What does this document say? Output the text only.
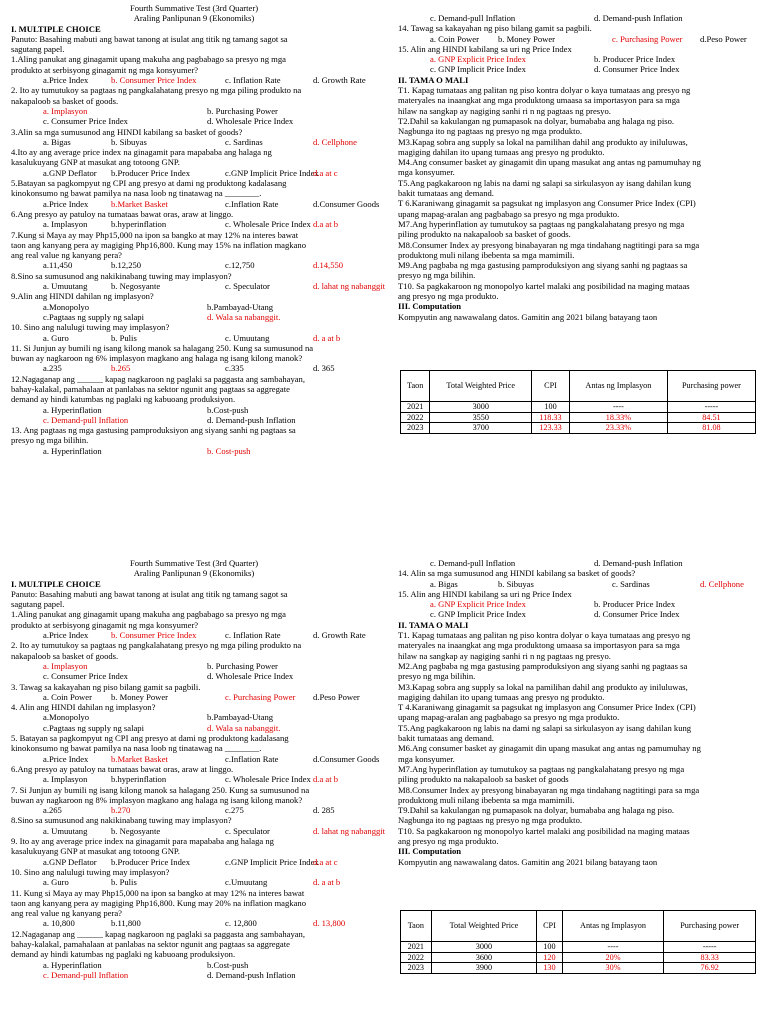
Fourth Summative Test (3rd Quarter)
Araling Panlipunan 9 (Ekonomiks)
I. MULTIPLE CHOICE
Panuto: Basahing mabuti ang bawat tanong at isulat ang titik ng tamang sagot sa
sagutang papel.
1.Aling panukat ang ginagamit upang makuha ang pagbabago sa presyo ng mga
produkto at serbisyong ginagamit ng mga konsyumer?
a.Price Index	b. Consumer Price Index	c. Inflation Rate	d. Growth Rate
2. Ito ay tumutukoy sa pagtaas ng pangkalahatang presyo ng mga piling produkto na
nakapaloob sa basket of goods.
a. Implasyon	b. Purchasing Power
c. Consumer Price Index	d. Wholesale Price Index
3.Alin sa mga sumusunod ang HINDI kabilang sa basket of goods?
a. Bigas	b. Sibuyas	c. Sardinas	d. Cellphone
4.Ito ay ang average price index na ginagamit para mapababa ang halaga ng
kasalukuyang GNP at masukat ang totoong GNP.
a.GNP Deflator b.Producer Price Index	c.GNP Implicit Price Index
d.a at c
5.Batayan sa pagkompyut ng CPI ang presyo at dami ng produktong kadalasang
kinokonsumo ng bawat pamilya na nasa loob ng tinatawag na ________.
a.Price Index	b.Market Basket	c.Inflation Rate	d.Consumer Goods
6.Ang presyo ay patuloy na tumataas bawat oras, araw at linggo.
a. Implasyon	b.hyperinflation	c. Wholesale Price Index d.a at b
7.Kung si Maya ay may Php15,000 na ipon sa bangko at may 12% na interes bawat
taon ang kanyang pera ay magiging Php16,800. Kung may 15% na inflation magkano
ang real value ng kanyang pera?
a.11,450	b.12,250	c.12,750	d.14,550
8.Sino sa sumusunod ang nakikinabang tuwing may implasyon?
a. Umuutang	b. Negosyante	c. Speculator	d. lahat ng nabanggit
9.Alin ang HINDI dahilan ng implasyon?
a.Monopolyo	b.Pambayad-Utang
c.Pagtaas ng supply ng salapi	d. Wala sa nabanggit.
10. Sino ang nalulugi tuwing may implasyon?
a. Guro	b. Pulis	c. Umuutang	d. a at b
11. Si Junjun ay bumili ng isang kilong manok sa halagang 250. Kung sa sumusunod na
buwan ay nagkaroon ng 6% implasyon magkano ang halaga ng isang kilong manok?
a.235	b.265	c.335	d. 365
12.Nagaganap ang ______ kapag nagkaroon ng paglaki sa paggasta ang sambahayan,
bahay-kalakal, pamahalaan at panlabas na sektor ngunit ang pagtaas sa aggregate
demand ay hindi katumbas ng paglaki ng kabuoang produksiyon.
a. Hyperinflation	b.Cost-push
c. Demand-pull Inflation	d. Demand-push Inflation
13. Ang pagtaas ng mga gastusing pamproduksiyon ang siyang sanhi ng pagtaas sa
presyo ng mga bilihin.
a. Hyperinflation	b. Cost-push
c. Demand-pull Inflation	d. Demand-push Inflation
14. Tawag sa kakayahan ng piso bilang gamit sa pagbili.
a. Coin Power b. Money Power	c. Purchasing Power d.Peso Power
15. Alin ang HINDI kabilang sa uri ng Price Index
a. GNP Explicit Price Index	b. Producer Price Index
c. GNP Implicit Price Index	d. Consumer Price Index
II. TAMA O MALI
T1. Kapag tumataas ang palitan ng piso kontra dolyar o kaya tumataas ang presyo ng
materyales na inaangkat ang mga produktong umaasa sa importasyon para sa mga
hilaw na sangkap ay nagiging sanhi ri n ng pagtaas ng presyo.
T2.Dahil sa kakulangan ng pumapasok na dolyar, bumababa ang halaga ng piso.
Nagbunga ito ng pagtaas ng presyo ng mga produkto.
M3.Kapag sobra ang supply sa lokal na pamilihan dahil ang produkto ay iniluluwas,
magiging dahilan ito upang tumaas ang presyo ng produkto.
M4.Ang consumer basket ay ginagamit din upang masukat ang antas ng pamumuhay ng
mga konsyumer.
T5.Ang pagkakaroon ng labis na dami ng salapi sa sirkulasyon ay isang dahilan kung
bakit tumataas ang demand.
T 6.Karaniwang ginagamit sa pagsukat ng implasyon ang Consumer Price Index (CPI)
upang mapag-aralan ang pagbabago sa presyo ng mga produkto.
M7.Ang hyperinflation ay tumutukoy sa pagtaas ng pangkalahatang presyo ng mga
piling produkto na nakapaloob sa basket of goods.
M8.Consumer Index ay presyong binabayaran ng mga tindahang nagtitingi para sa mga
produktong muli nilang ibebenta sa mga mamimili.
M9.Ang pagbaba ng mga gastusing pamproduksiyon ang siyang sanhi ng pagtaas sa
presyo ng mga bilihin.
T10. Sa pagkakaroon ng monopolyo kartel malaki ang posibilidad na maging mataas
ang presyo ng mga produkto.
III. Computation
Kompyutin ang nawawalang datos. Gamitin ang 2021 bilang batayang taon
Taon	Total Weighted Price	CPI	Antas ng Implasyon	Purchasing power
2021	3000	100	----	-----
2022	3550	118.33	18.33%	84.51
2023	3700	123.33	23.33%	81.08
Fourth Summative Test (3rd Quarter)
Araling Panlipunan 9 (Ekonomiks)
I. MULTIPLE CHOICE
Panuto: Basahing mabuti ang bawat tanong at isulat ang titik ng tamang sagot sa
sagutang papel.
1.Aling panukat ang ginagamit upang makuha ang pagbabago sa presyo ng mga
produkto at serbisyong ginagamit ng mga konsyumer?
a.Price Index	b. Consumer Price Index	c. Inflation Rate	d. Growth Rate
2. Ito ay tumutukoy sa pagtaas ng pangkalahatang presyo ng mga piling produkto na
nakapaloob sa basket of goods.
a. Implasyon	b. Purchasing Power
c. Consumer Price Index	d. Wholesale Price Index
3. Tawag sa kakayahan ng piso bilang gamit sa pagbili.
a. Coin Power b. Money Power	c. Purchasing Power d.Peso Power
4. Alin ang HINDI dahilan ng implasyon?
a.Monopolyo	b.Pambayad-Utang
c.Pagtaas ng supply ng salapi	d. Wala sa nabanggit.
5. Batayan sa pagkompyut ng CPI ang presyo at dami ng produktong kadalasang
kinokonsumo ng bawat pamilya na nasa loob ng tinatawag na ________.
a.Price Index	b.Market Basket	c.Inflation Rate	d.Consumer Goods
6.Ang presyo ay patuloy na tumataas bawat oras, araw at linggo.
a. Implasyon	b.hyperinflation	c. Wholesale Price Index d.a at b
7. Si Junjun ay bumili ng isang kilong manok sa halagang 250. Kung sa sumusunod na
buwan ay nagkaroon ng 8% implasyon magkano ang halaga ng isang kilong manok?
a.265	b.270	c.275	d. 285
8.Sino sa sumusunod ang nakikinabang tuwing may implasyon?
a. Umuutang	b. Negosyante	c. Speculator	d. lahat ng nabanggit
9. Ito ay ang average price index na ginagamit para mapababa ang halaga ng
kasalukuyang GNP at masukat ang totoong GNP.
a.GNP Deflator b.Producer Price Index	c.GNP Implicit Price Index
d.a at c
10. Sino ang nalulugi tuwing may implasyon?
a. Guro	b. Pulis	c.Umuutang	d. a at b
11. Kung si Maya ay may Php15,000 na ipon sa bangko at may 12% na interes bawat
taon ang kanyang pera ay magiging Php16,800. Kung may 20% na inflation magkano
ang real value ng kanyang pera?
a. 10,800	b.11,800	c. 12,800	d. 13,800
12.Nagaganap ang ______ kapag nagkaroon ng paglaki sa paggasta ang sambahayan,
bahay-kalakal, pamahalaan at panlabas na sektor ngunit ang pagtaas sa aggregate
demand ay hindi katumbas ng paglaki ng kabuoang produksiyon.
a. Hyperinflation	b.Cost-push
c. Demand-pull Inflation	d. Demand-push Inflation
c. Demand-pull Inflation	d. Demand-push Inflation
14. Alin sa mga sumusunod ang HINDI kabilang sa basket of goods?
a. Bigas	b. Sibuyas	c. Sardinas	d. Cellphone
15. Alin ang HINDI kabilang sa uri ng Price Index
a. GNP Explicit Price Index	b. Producer Price Index
c. GNP Implicit Price Index	d. Consumer Price Index
II. TAMA O MALI
T1. Kapag tumataas ang palitan ng piso kontra dolyar o kaya tumataas ang presyo ng
materyales na inaangkat ang mga produktong umaasa sa importasyon para sa mga
hilaw na sangkap ay nagiging sanhi ri n ng pagtaas ng presyo.
M2.Ang pagbaba ng mga gastusing pamproduksiyon ang siyang sanhi ng pagtaas sa
presyo ng mga bilihin.
M3.Kapag sobra ang supply sa lokal na pamilihan dahil ang produkto ay iniluluwas,
magiging dahilan ito upang tumaas ang presyo ng produkto.
T 4.Karaniwang ginagamit sa pagsukat ng implasyon ang Consumer Price Index (CPI)
upang mapag-aralan ang pagbabago sa presyo ng mga produkto.
T5.Ang pagkakaroon ng labis na dami ng salapi sa sirkulasyon ay isang dahilan kung
bakit tumataas ang demand.
M6.Ang consumer basket ay ginagamit din upang masukat ang antas ng pamumuhay ng
mga konsyumer.
M7.Ang hyperinflation ay tumutukoy sa pagtaas ng pangkalahatang presyo ng mga
piling produkto na nakapaloob sa basket of goods
M8.Consumer Index ay presyong binabayaran ng mga tindahang nagtitingi para sa mga
produktong muli nilang ibebenta sa mga mamimili.
T9.Dahil sa kakulangan ng pumapasok na dolyar, bumababa ang halaga ng piso.
Nagbunga ito ng pagtaas ng presyo ng mga produkto.
T10. Sa pagkakaroon ng monopolyo kartel malaki ang posibilidad na maging mataas
ang presyo ng mga produkto.
III. Computation
Kompyutin ang nawawalang datos. Gamitin ang 2021 bilang batayang taon
Taon	Total Weighted Price	CPI	Antas ng Implasyon	Purchasing power
2021	3000	100	----	-----
2022	3600	120	20%	83.33
2023	3900	130	30%	76.92
